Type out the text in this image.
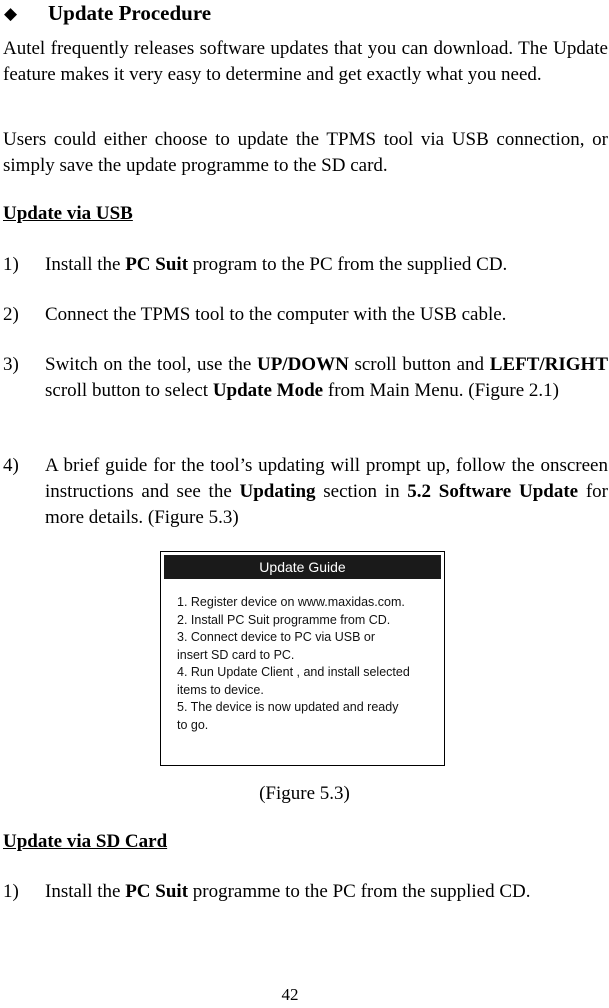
◆ Update Procedure
Autel frequently releases software updates that you can download. The Update feature makes it very easy to determine and get exactly what you need.
Users could either choose to update the TPMS tool via USB connection, or simply save the update programme to the SD card.
Update via USB
1) Install the PC Suit program to the PC from the supplied CD.
2) Connect the TPMS tool to the computer with the USB cable.
3) Switch on the tool, use the UP/DOWN scroll button and LEFT/RIGHT scroll button to select Update Mode from Main Menu. (Figure 2.1)
4) A brief guide for the tool’s updating will prompt up, follow the onscreen instructions and see the Updating section in 5.2 Software Update for more details. (Figure 5.3)
Update Guide
1. Register device on www.maxidas.com.
2. Install PC Suit programme from CD.
3. Connect device to PC via USB or
insert SD card to PC.
4. Run Update Client , and install selected
items to device.
5. The device is now updated and ready
to go.
(Figure 5.3)
Update via SD Card
1) Install the PC Suit programme to the PC from the supplied CD.
42
